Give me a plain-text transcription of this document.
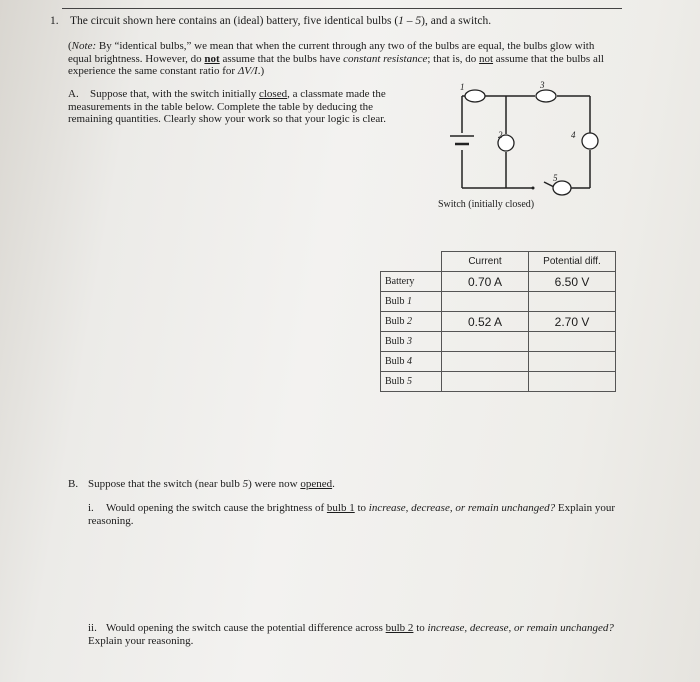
1. The circuit shown here contains an (ideal) battery, five identical bulbs (1 – 5), and a switch.
(Note: By “identical bulbs,” we mean that when the current through any two of the bulbs are equal, the bulbs glow with equal brightness. However, do not assume that the bulbs have constant resistance; that is, do not assume that the bulbs all experience the same constant ratio for ΔV/I.)
A. Suppose that, with the switch initially closed, a classmate made the measurements in the table below. Complete the table by deducing the remaining quantities. Clearly show your work so that your logic is clear.
1
2
3
4
5
Switch (initially closed)
	Current	Potential diff.
Battery	0.70 A	6.50 V
Bulb 1		
Bulb 2	0.52 A	2.70 V
Bulb 3		
Bulb 4		
Bulb 5		
B. Suppose that the switch (near bulb 5) were now opened.
i. Would opening the switch cause the brightness of bulb 1 to increase, decrease, or remain unchanged? Explain your reasoning.
ii. Would opening the switch cause the potential difference across bulb 2 to increase, decrease, or remain unchanged? Explain your reasoning.
